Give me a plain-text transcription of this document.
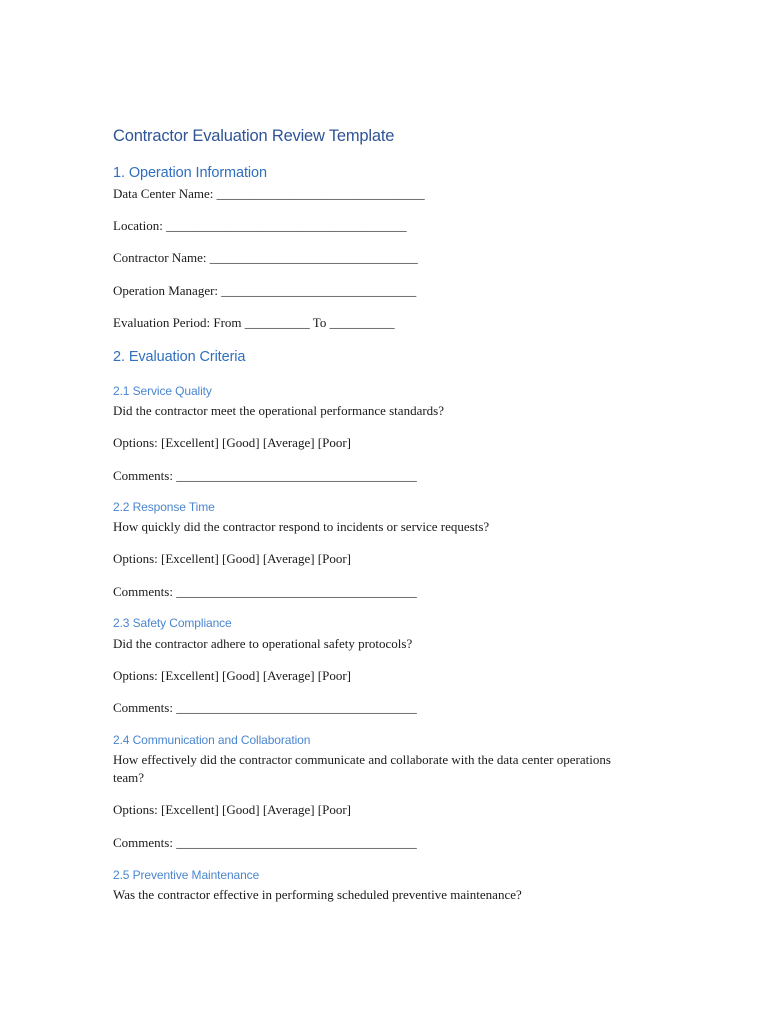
Contractor Evaluation Review Template
1. Operation Information
Data Center Name: ________________________________
Location: _____________________________________
Contractor Name: ________________________________
Operation Manager: ______________________________
Evaluation Period: From __________ To __________
2. Evaluation Criteria
2.1 Service Quality
Did the contractor meet the operational performance standards?
Options: [Excellent] [Good] [Average] [Poor]
Comments: _____________________________________
2.2 Response Time
How quickly did the contractor respond to incidents or service requests?
Options: [Excellent] [Good] [Average] [Poor]
Comments: _____________________________________
2.3 Safety Compliance
Did the contractor adhere to operational safety protocols?
Options: [Excellent] [Good] [Average] [Poor]
Comments: _____________________________________
2.4 Communication and Collaboration
How effectively did the contractor communicate and collaborate with the data center operations team?
Options: [Excellent] [Good] [Average] [Poor]
Comments: _____________________________________
2.5 Preventive Maintenance
Was the contractor effective in performing scheduled preventive maintenance?
